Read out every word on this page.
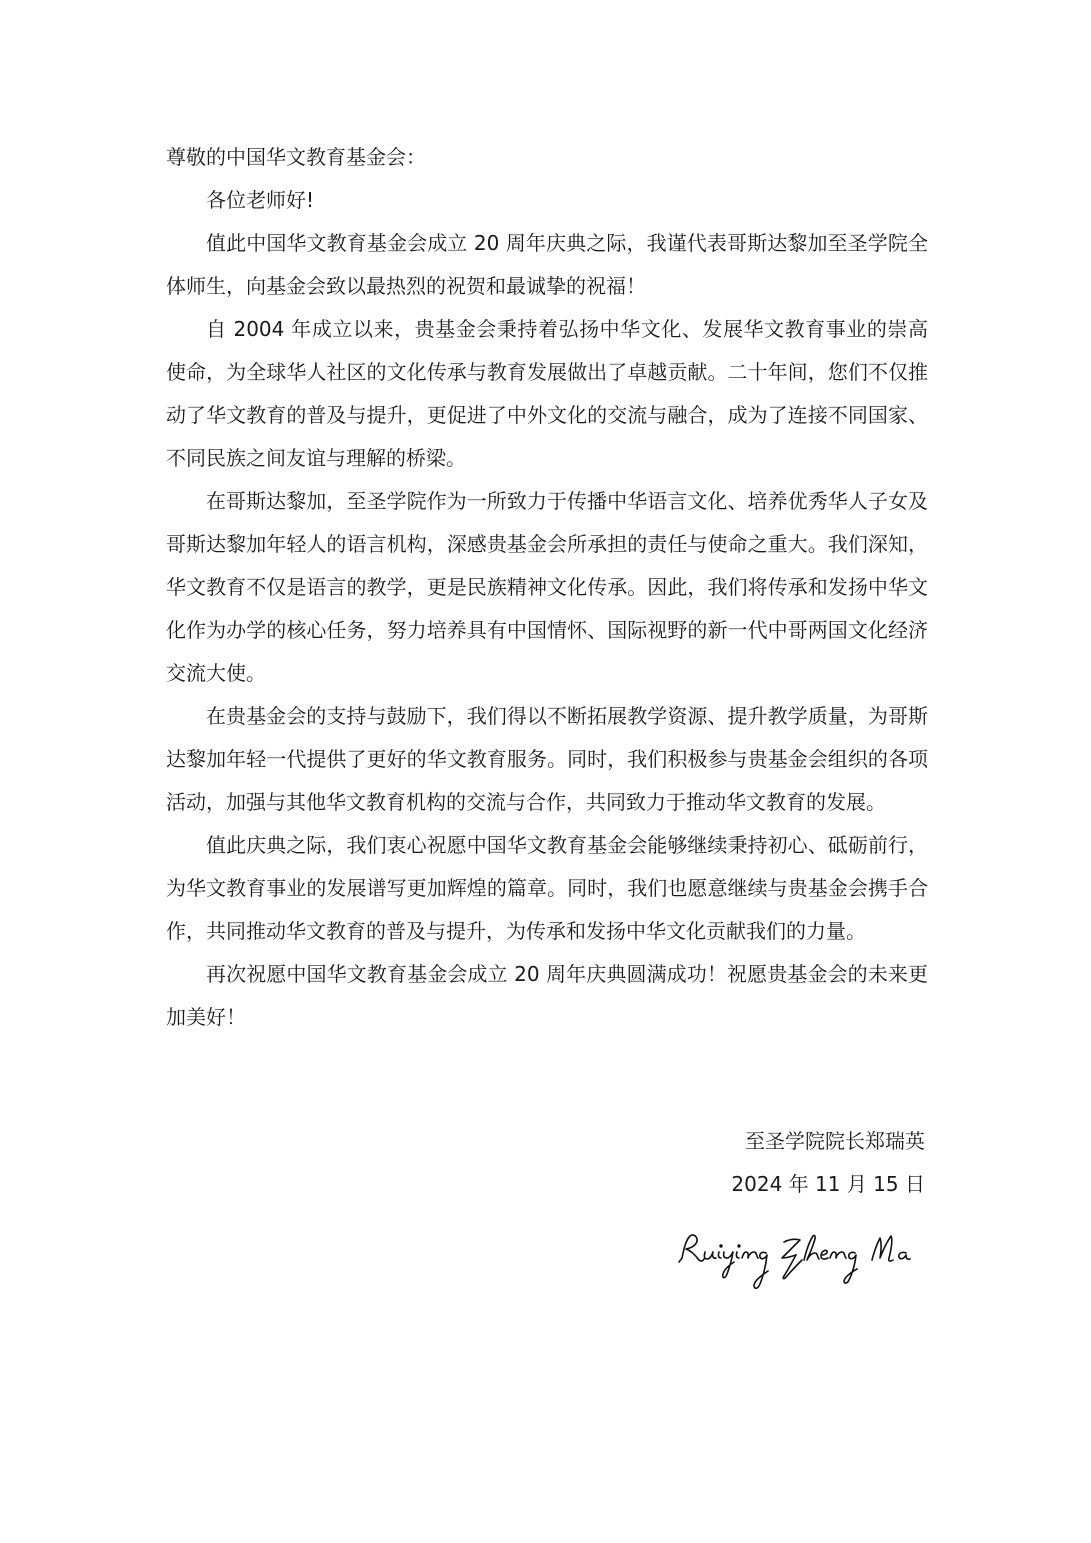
尊敬的中国华文教育基金会：

各位老师好!

值此中国华文教育基金会成立 20 周年庆典之际，我谨代表哥斯达黎加至圣学院全体师生，向基金会致以最热烈的祝贺和最诚挚的祝福！

自 2004 年成立以来，贵基金会秉持着弘扬中华文化、发展华文教育事业的崇高使命，为全球华人社区的文化传承与教育发展做出了卓越贡献。二十年间，您们不仅推动了华文教育的普及与提升，更促进了中外文化的交流与融合，成为了连接不同国家、不同民族之间友谊与理解的桥梁。

在哥斯达黎加，至圣学院作为一所致力于传播中华语言文化、培养优秀华人子女及哥斯达黎加年轻人的语言机构，深感贵基金会所承担的责任与使命之重大。我们深知，华文教育不仅是语言的教学，更是民族精神文化传承。因此，我们将传承和发扬中华文化作为办学的核心任务，努力培养具有中国情怀、国际视野的新一代中哥两国文化经济交流大使。

在贵基金会的支持与鼓励下，我们得以不断拓展教学资源、提升教学质量，为哥斯达黎加年轻一代提供了更好的华文教育服务。同时，我们积极参与贵基金会组织的各项活动，加强与其他华文教育机构的交流与合作，共同致力于推动华文教育的发展。

值此庆典之际，我们衷心祝愿中国华文教育基金会能够继续秉持初心、砥砺前行，为华文教育事业的发展谱写更加辉煌的篇章。同时，我们也愿意继续与贵基金会携手合作，共同推动华文教育的普及与提升，为传承和发扬中华文化贡献我们的力量。

再次祝愿中国华文教育基金会成立 20 周年庆典圆满成功！祝愿贵基金会的未来更加美好！

至圣学院院长郑瑞英
2024 年 11 月 15 日
